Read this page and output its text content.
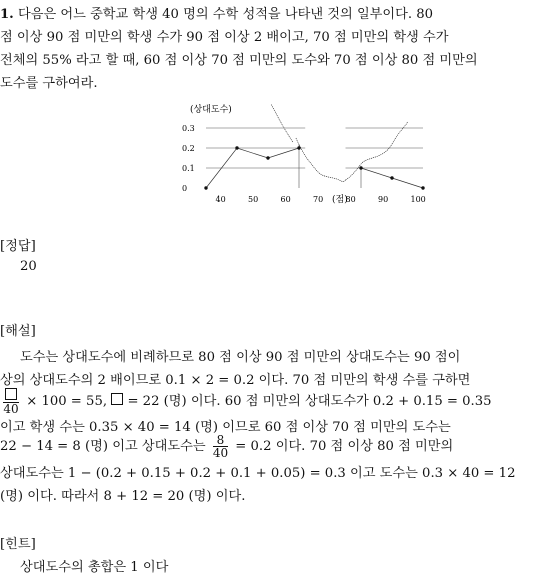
1. 다음은 어느 중학교 학생 40 명의 수학 성적을 나타낸 것의 일부이다. 80
점 이상 90 점 미만의 학생 수가 90 점 이상 2 배이고, 70 점 미만의 학생 수가
전체의 55% 라고 할 때, 60 점 이상 70 점 미만의 도수와 70 점 이상 80 점 미만의
도수를 구하여라.
(상대도수)
0.3
0.2
0.1
0
40	50	60	70	80	90	100
(점)
[정답]
20
[해설]
도수는 상대도수에 비례하므로 80 점 이상 90 점 미만의 상대도수는 90 점이
상의 상대도수의 2 배이므로 0.1 × 2 = 0.2 이다. 70 점 미만의 학생 수를 구하면
40 × 100 = 55, = 22 (명) 이다. 60 점 미만의 상대도수가 0.2 + 0.15 = 0.35
이고 학생 수는 0.35 × 40 = 14 (명) 이므로 60 점 이상 70 점 미만의 도수는
22 − 14 = 8 (명) 이고 상대도수는 $\frac{8}{40} = 0.2$ 이다. 70 점 이상 80 점 미만의
상대도수는 1 − (0.2 + 0.15 + 0.2 + 0.1 + 0.05) = 0.3 이고 도수는 0.3 × 40 = 12
(명) 이다. 따라서 8 + 12 = 20 (명) 이다.
[힌트]
상대도수의 총합은 1 이다
